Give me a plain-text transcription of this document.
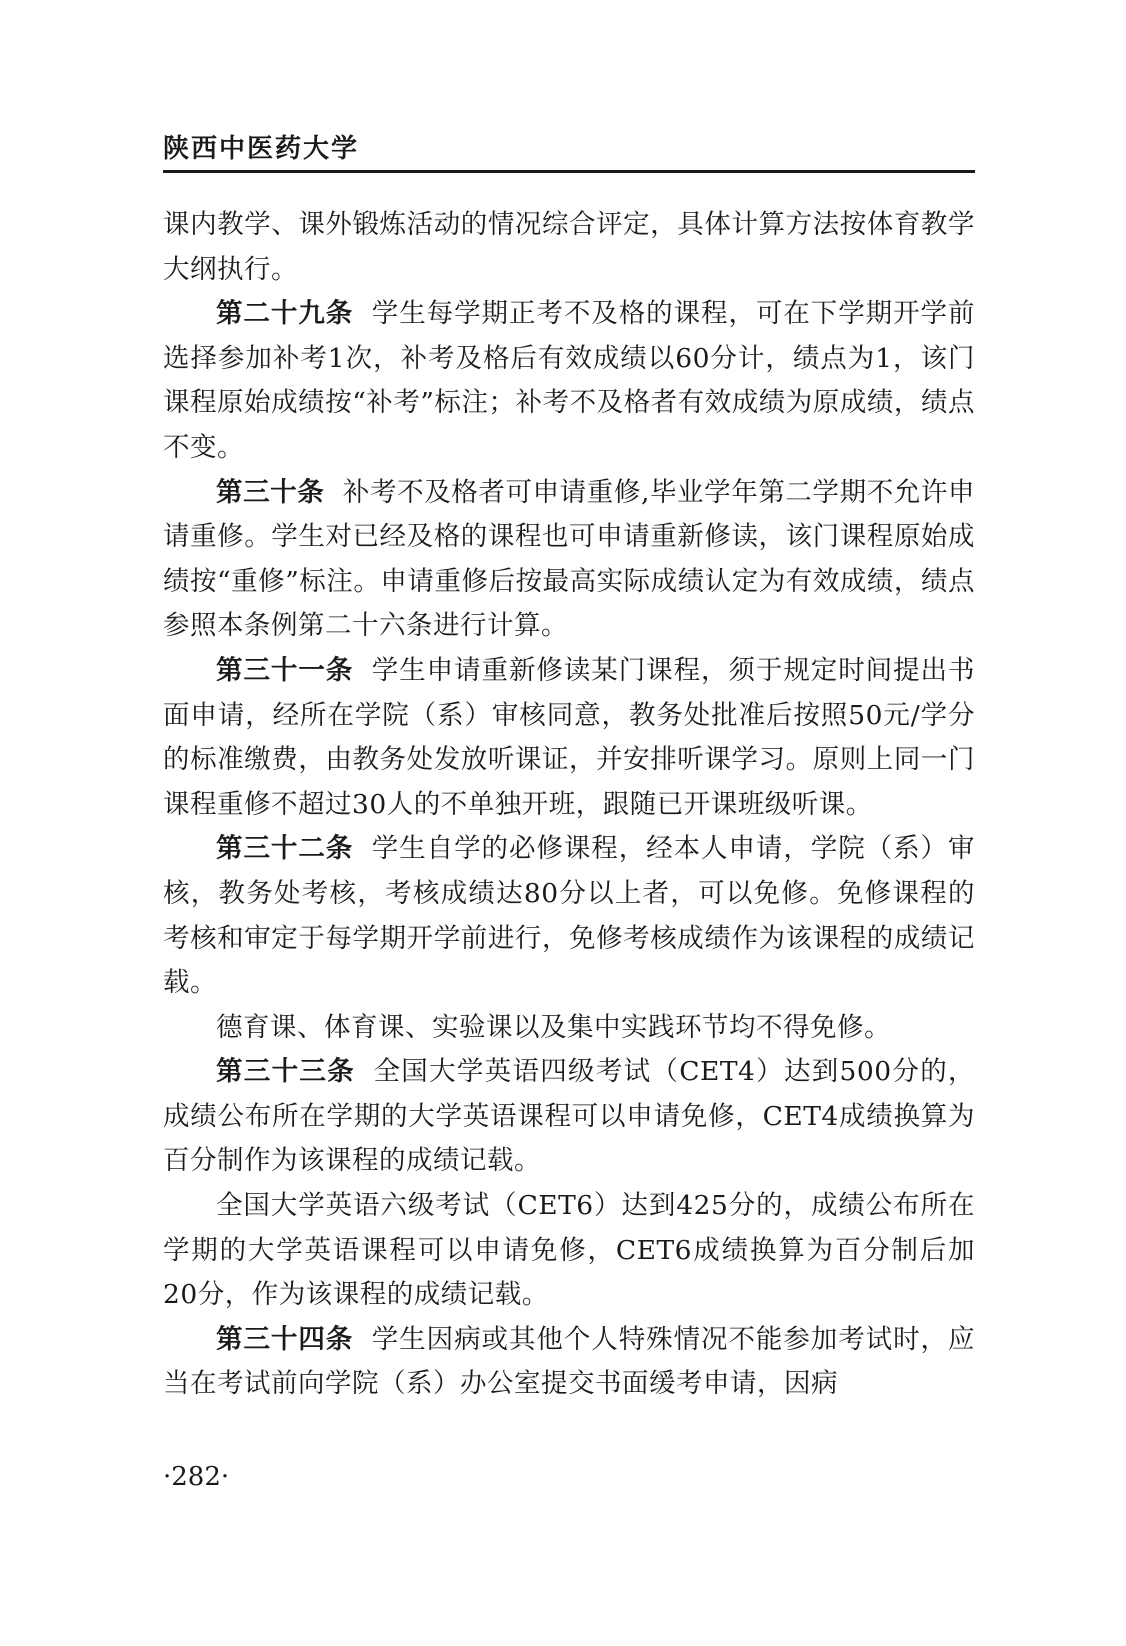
陕西中医药大学

课内教学、课外锻炼活动的情况综合评定，具体计算方法按体育教学大纲执行。

第二十九条 学生每学期正考不及格的课程，可在下学期开学前选择参加补考1次，补考及格后有效成绩以60分计，绩点为1，该门课程原始成绩按“补考”标注；补考不及格者有效成绩为原成绩，绩点不变。

第三十条 补考不及格者可申请重修,毕业学年第二学期不允许申请重修。学生对已经及格的课程也可申请重新修读，该门课程原始成绩按“重修”标注。申请重修后按最高实际成绩认定为有效成绩，绩点参照本条例第二十六条进行计算。

第三十一条 学生申请重新修读某门课程，须于规定时间提出书面申请，经所在学院（系）审核同意，教务处批准后按照50元/学分的标准缴费，由教务处发放听课证，并安排听课学习。原则上同一门课程重修不超过30人的不单独开班，跟随已开课班级听课。

第三十二条 学生自学的必修课程，经本人申请，学院（系）审核，教务处考核，考核成绩达80分以上者，可以免修。免修课程的考核和审定于每学期开学前进行，免修考核成绩作为该课程的成绩记载。

德育课、体育课、实验课以及集中实践环节均不得免修。

第三十三条 全国大学英语四级考试（CET4）达到500分的，成绩公布所在学期的大学英语课程可以申请免修，CET4成绩换算为百分制作为该课程的成绩记载。

全国大学英语六级考试（CET6）达到425分的，成绩公布所在学期的大学英语课程可以申请免修，CET6成绩换算为百分制后加20分，作为该课程的成绩记载。

第三十四条 学生因病或其他个人特殊情况不能参加考试时，应当在考试前向学院（系）办公室提交书面缓考申请，因病

·282·
